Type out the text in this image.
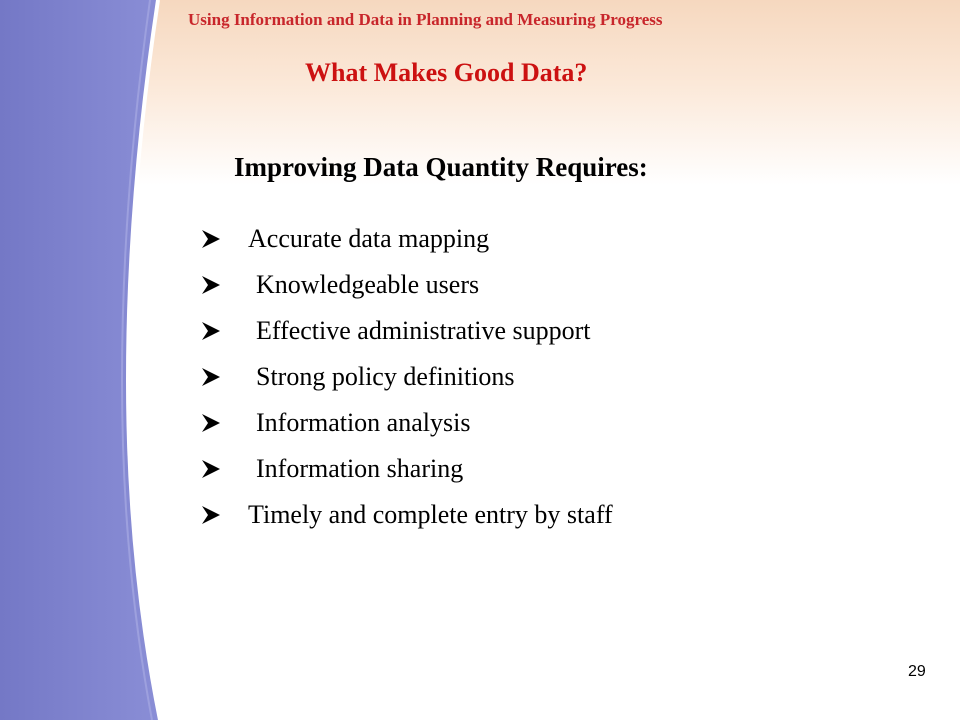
Using Information and Data in Planning and Measuring Progress
What Makes Good Data?
Improving Data Quantity Requires:
Accurate data mapping
Knowledgeable users
Effective administrative support
Strong policy definitions
Information analysis
Information sharing
Timely and complete entry by staff
29
